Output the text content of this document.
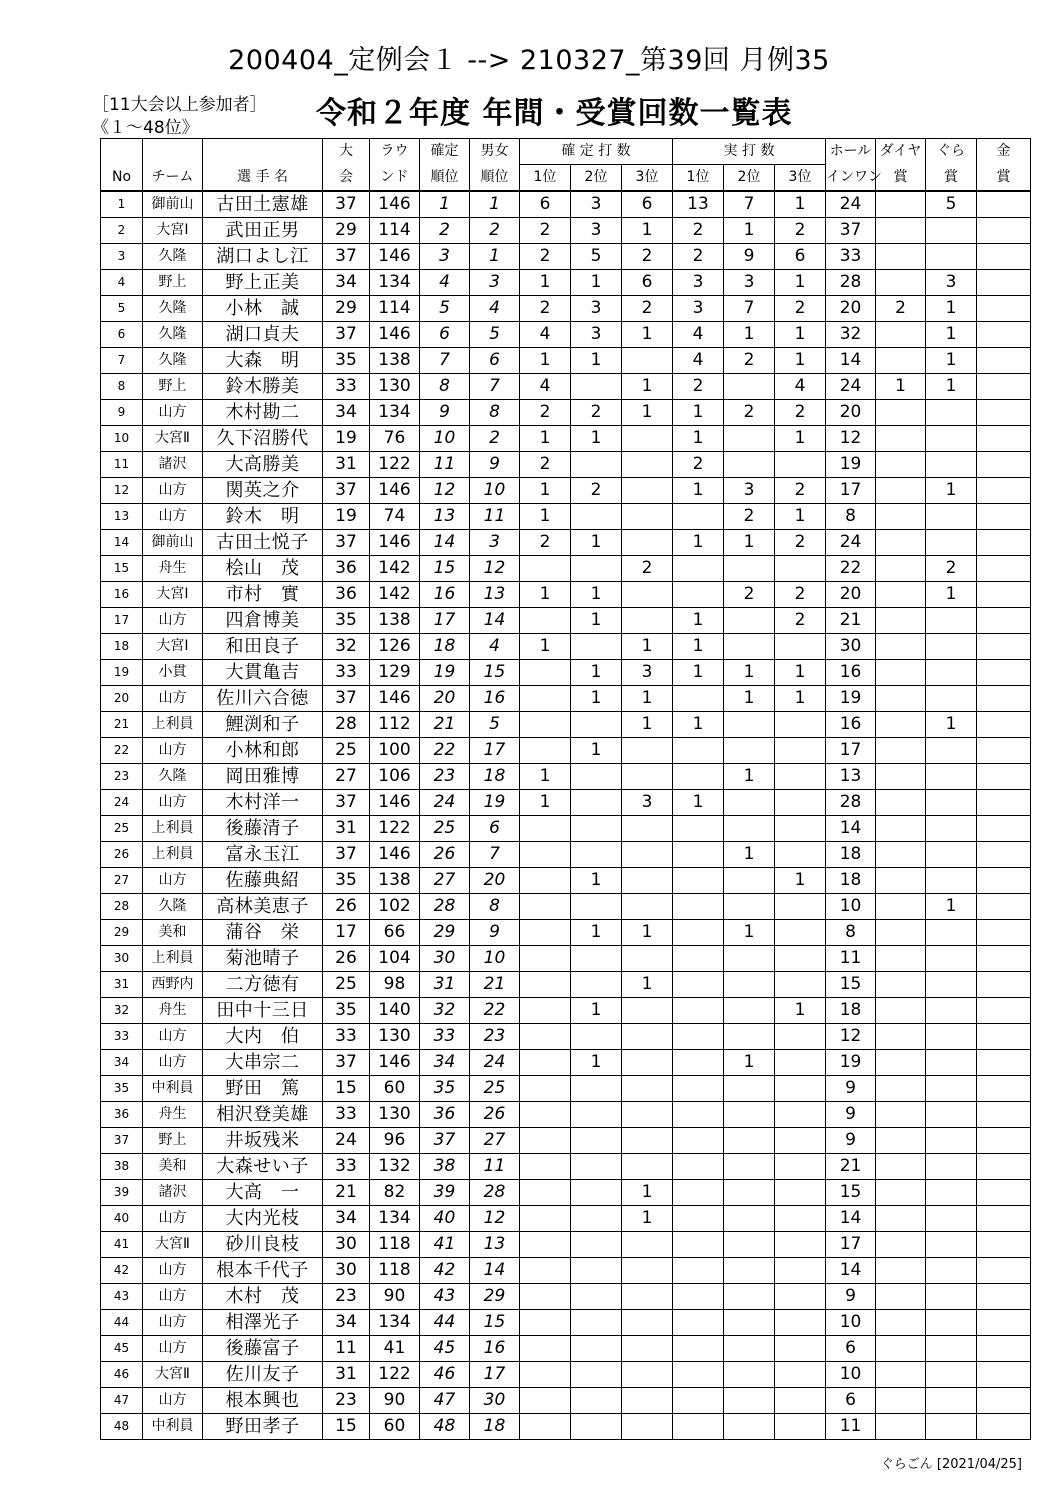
200404_定例会１ --> 210327_第39回 月例35
［11大会以上参加者］
《１～48位》	令和２年度 年間・受賞回数一覧表
			大	ラウ	確定	男女	確 定 打 数			実 打 数			ホール	ダイヤ	ぐら	金
No	チーム	選 手 名	会	ンド	順位	順位	1位	2位	3位	1位	2位	3位	インワン	賞	賞	賞
1	御前山	古田土憲雄	37	146	1	1	6	3	6	13	7	1	24		5	
2	大宮Ⅰ	武田正男	29	114	2	2	2	3	1	2	1	2	37			
3	久隆	湖口よし江	37	146	3	1	2	5	2	2	9	6	33			
4	野上	野上正美	34	134	4	3	1	1	6	3	3	1	28		3	
5	久隆	小林　誠	29	114	5	4	2	3	2	3	7	2	20	2	1	
6	久隆	湖口貞夫	37	146	6	5	4	3	1	4	1	1	32		1	
7	久隆	大森　明	35	138	7	6	1	1		4	2	1	14		1	
8	野上	鈴木勝美	33	130	8	7	4		1	2		4	24	1	1	
9	山方	木村勘二	34	134	9	8	2	2	1	1	2	2	20			
10	大宮Ⅱ	久下沼勝代	19	76	10	2	1	1		1		1	12			
11	諸沢	大高勝美	31	122	11	9	2			2			19			
12	山方	関英之介	37	146	12	10	1	2		1	3	2	17		1	
13	山方	鈴木　明	19	74	13	11	1				2	1	8			
14	御前山	古田土悦子	37	146	14	3	2	1		1	1	2	24			
15	舟生	桧山　茂	36	142	15	12			2				22		2	
16	大宮Ⅰ	市村　實	36	142	16	13	1	1			2	2	20		1	
17	山方	四倉博美	35	138	17	14		1		1		2	21			
18	大宮Ⅰ	和田良子	32	126	18	4	1		1	1			30			
19	小貫	大貫亀吉	33	129	19	15		1	3	1	1	1	16			
20	山方	佐川六合徳	37	146	20	16		1	1		1	1	19			
21	上利員	鯉渕和子	28	112	21	5			1	1			16		1	
22	山方	小林和郎	25	100	22	17		1					17			
23	久隆	岡田雅博	27	106	23	18	1				1		13			
24	山方	木村洋一	37	146	24	19	1		3	1			28			
25	上利員	後藤清子	31	122	25	6							14			
26	上利員	富永玉江	37	146	26	7					1		18			
27	山方	佐藤典紹	35	138	27	20		1				1	18			
28	久隆	高林美恵子	26	102	28	8							10		1	
29	美和	蒲谷　栄	17	66	29	9		1	1		1		8			
30	上利員	菊池晴子	26	104	30	10							11			
31	西野内	二方徳有	25	98	31	21			1				15			
32	舟生	田中十三日	35	140	32	22		1				1	18			
33	山方	大内　伯	33	130	33	23							12			
34	山方	大串宗二	37	146	34	24		1			1		19			
35	中利員	野田　篤	15	60	35	25							9			
36	舟生	相沢登美雄	33	130	36	26							9			
37	野上	井坂残米	24	96	37	27							9			
38	美和	大森せい子	33	132	38	11							21			
39	諸沢	大高　一	21	82	39	28			1				15			
40	山方	大内光枝	34	134	40	12			1				14			
41	大宮Ⅱ	砂川良枝	30	118	41	13							17			
42	山方	根本千代子	30	118	42	14							14			
43	山方	木村　茂	23	90	43	29							9			
44	山方	相澤光子	34	134	44	15							10			
45	山方	後藤富子	11	41	45	16							6			
46	大宮Ⅱ	佐川友子	31	122	46	17							10			
47	山方	根本興也	23	90	47	30							6			
48	中利員	野田孝子	15	60	48	18							11			
ぐらごん [2021/04/25]
